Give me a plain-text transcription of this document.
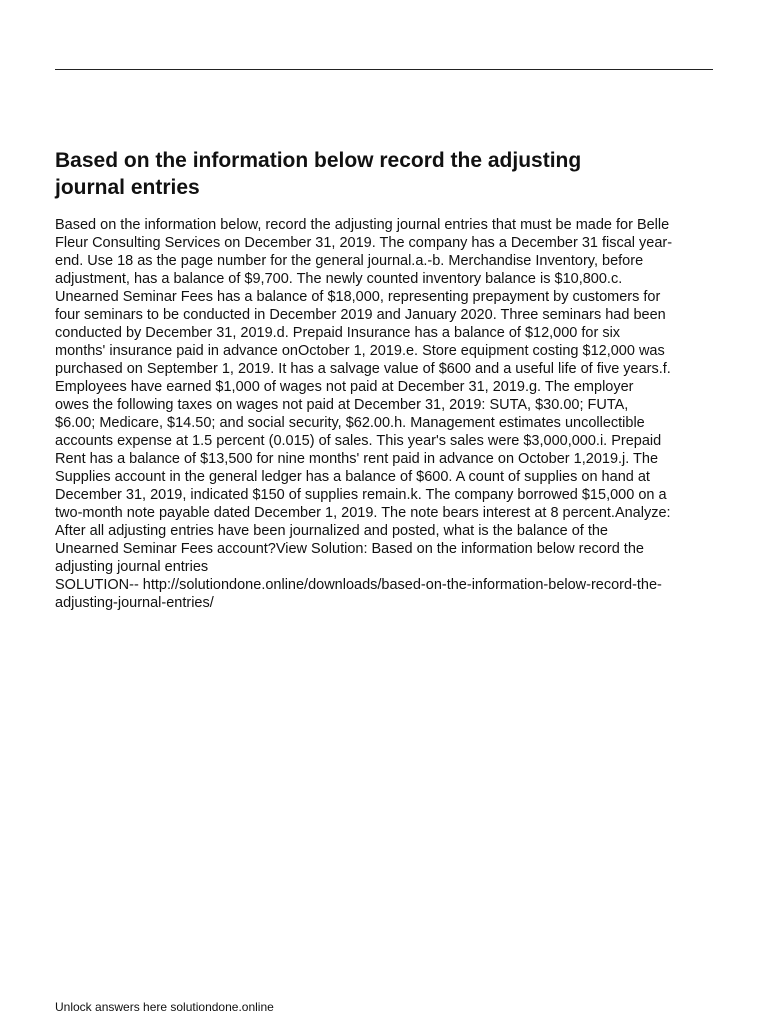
Based on the information below record the adjusting
journal entries
Based on the information below, record the adjusting journal entries that must be made for Belle
Fleur Consulting Services on December 31, 2019. The company has a December 31 fiscal year-
end. Use 18 as the page number for the general journal.a.-b. Merchandise Inventory, before
adjustment, has a balance of $9,700. The newly counted inventory balance is $10,800.c.
Unearned Seminar Fees has a balance of $18,000, representing prepayment by customers for
four seminars to be conducted in December 2019 and January 2020. Three seminars had been
conducted by December 31, 2019.d. Prepaid Insurance has a balance of $12,000 for six
months' insurance paid in advance onOctober 1, 2019.e. Store equipment costing $12,000 was
purchased on September 1, 2019. It has a salvage value of $600 and a useful life of five years.f.
Employees have earned $1,000 of wages not paid at December 31, 2019.g. The employer
owes the following taxes on wages not paid at December 31, 2019: SUTA, $30.00; FUTA,
$6.00; Medicare, $14.50; and social security, $62.00.h. Management estimates uncollectible
accounts expense at 1.5 percent (0.015) of sales. This year's sales were $3,000,000.i. Prepaid
Rent has a balance of $13,500 for nine months' rent paid in advance on October 1,2019.j. The
Supplies account in the general ledger has a balance of $600. A count of supplies on hand at
December 31, 2019, indicated $150 of supplies remain.k. The company borrowed $15,000 on a
two-month note payable dated December 1, 2019. The note bears interest at 8 percent.Analyze:
After all adjusting entries have been journalized and posted, what is the balance of the
Unearned Seminar Fees account?View Solution: Based on the information below record the
adjusting journal entries
SOLUTION-- http://solutiondone.online/downloads/based-on-the-information-below-record-the-
adjusting-journal-entries/

Unlock answers here solutiondone.online
